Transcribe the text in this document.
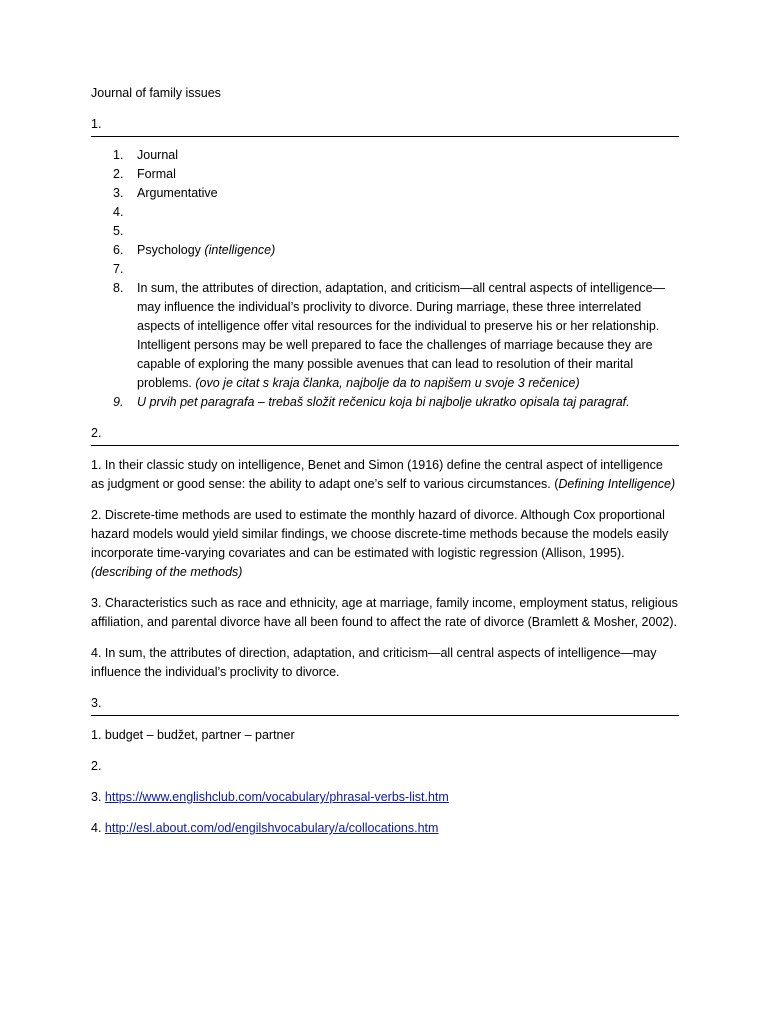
Journal of family issues
1.
1. Journal
2. Formal
3. Argumentative
4.
5.
6. Psychology (intelligence)
7.
8. In sum, the attributes of direction, adaptation, and criticism—all central aspects of intelligence—may influence the individual’s proclivity to divorce. During marriage, these three interrelated aspects of intelligence offer vital resources for the individual to preserve his or her relationship. Intelligent persons may be well prepared to face the challenges of marriage because they are capable of exploring the many possible avenues that can lead to resolution of their marital problems. (ovo je citat s kraja članka, najbolje da to napišem u svoje 3 rečenice)
9. U prvih pet paragrafa – trebaš složit rečenicu koja bi najbolje ukratko opisala taj paragraf.
2.

1. In their classic study on intelligence, Benet and Simon (1916) define the central aspect of intelligence as judgment or good sense: the ability to adapt one’s self to various circumstances. (Defining Intelligence)

2. Discrete-time methods are used to estimate the monthly hazard of divorce. Although Cox proportional hazard models would yield similar findings, we choose discrete-time methods because the models easily incorporate time-varying covariates and can be estimated with logistic regression (Allison, 1995). (describing of the methods)

3. Characteristics such as race and ethnicity, age at marriage, family income, employment status, religious affiliation, and parental divorce have all been found to affect the rate of divorce (Bramlett & Mosher, 2002).

4. In sum, the attributes of direction, adaptation, and criticism—all central aspects of intelligence—may influence the individual’s proclivity to divorce.

3.

1. budget – budžet, partner – partner

2.

3. https://www.englishclub.com/vocabulary/phrasal-verbs-list.htm

4. http://esl.about.com/od/engilshvocabulary/a/collocations.htm
